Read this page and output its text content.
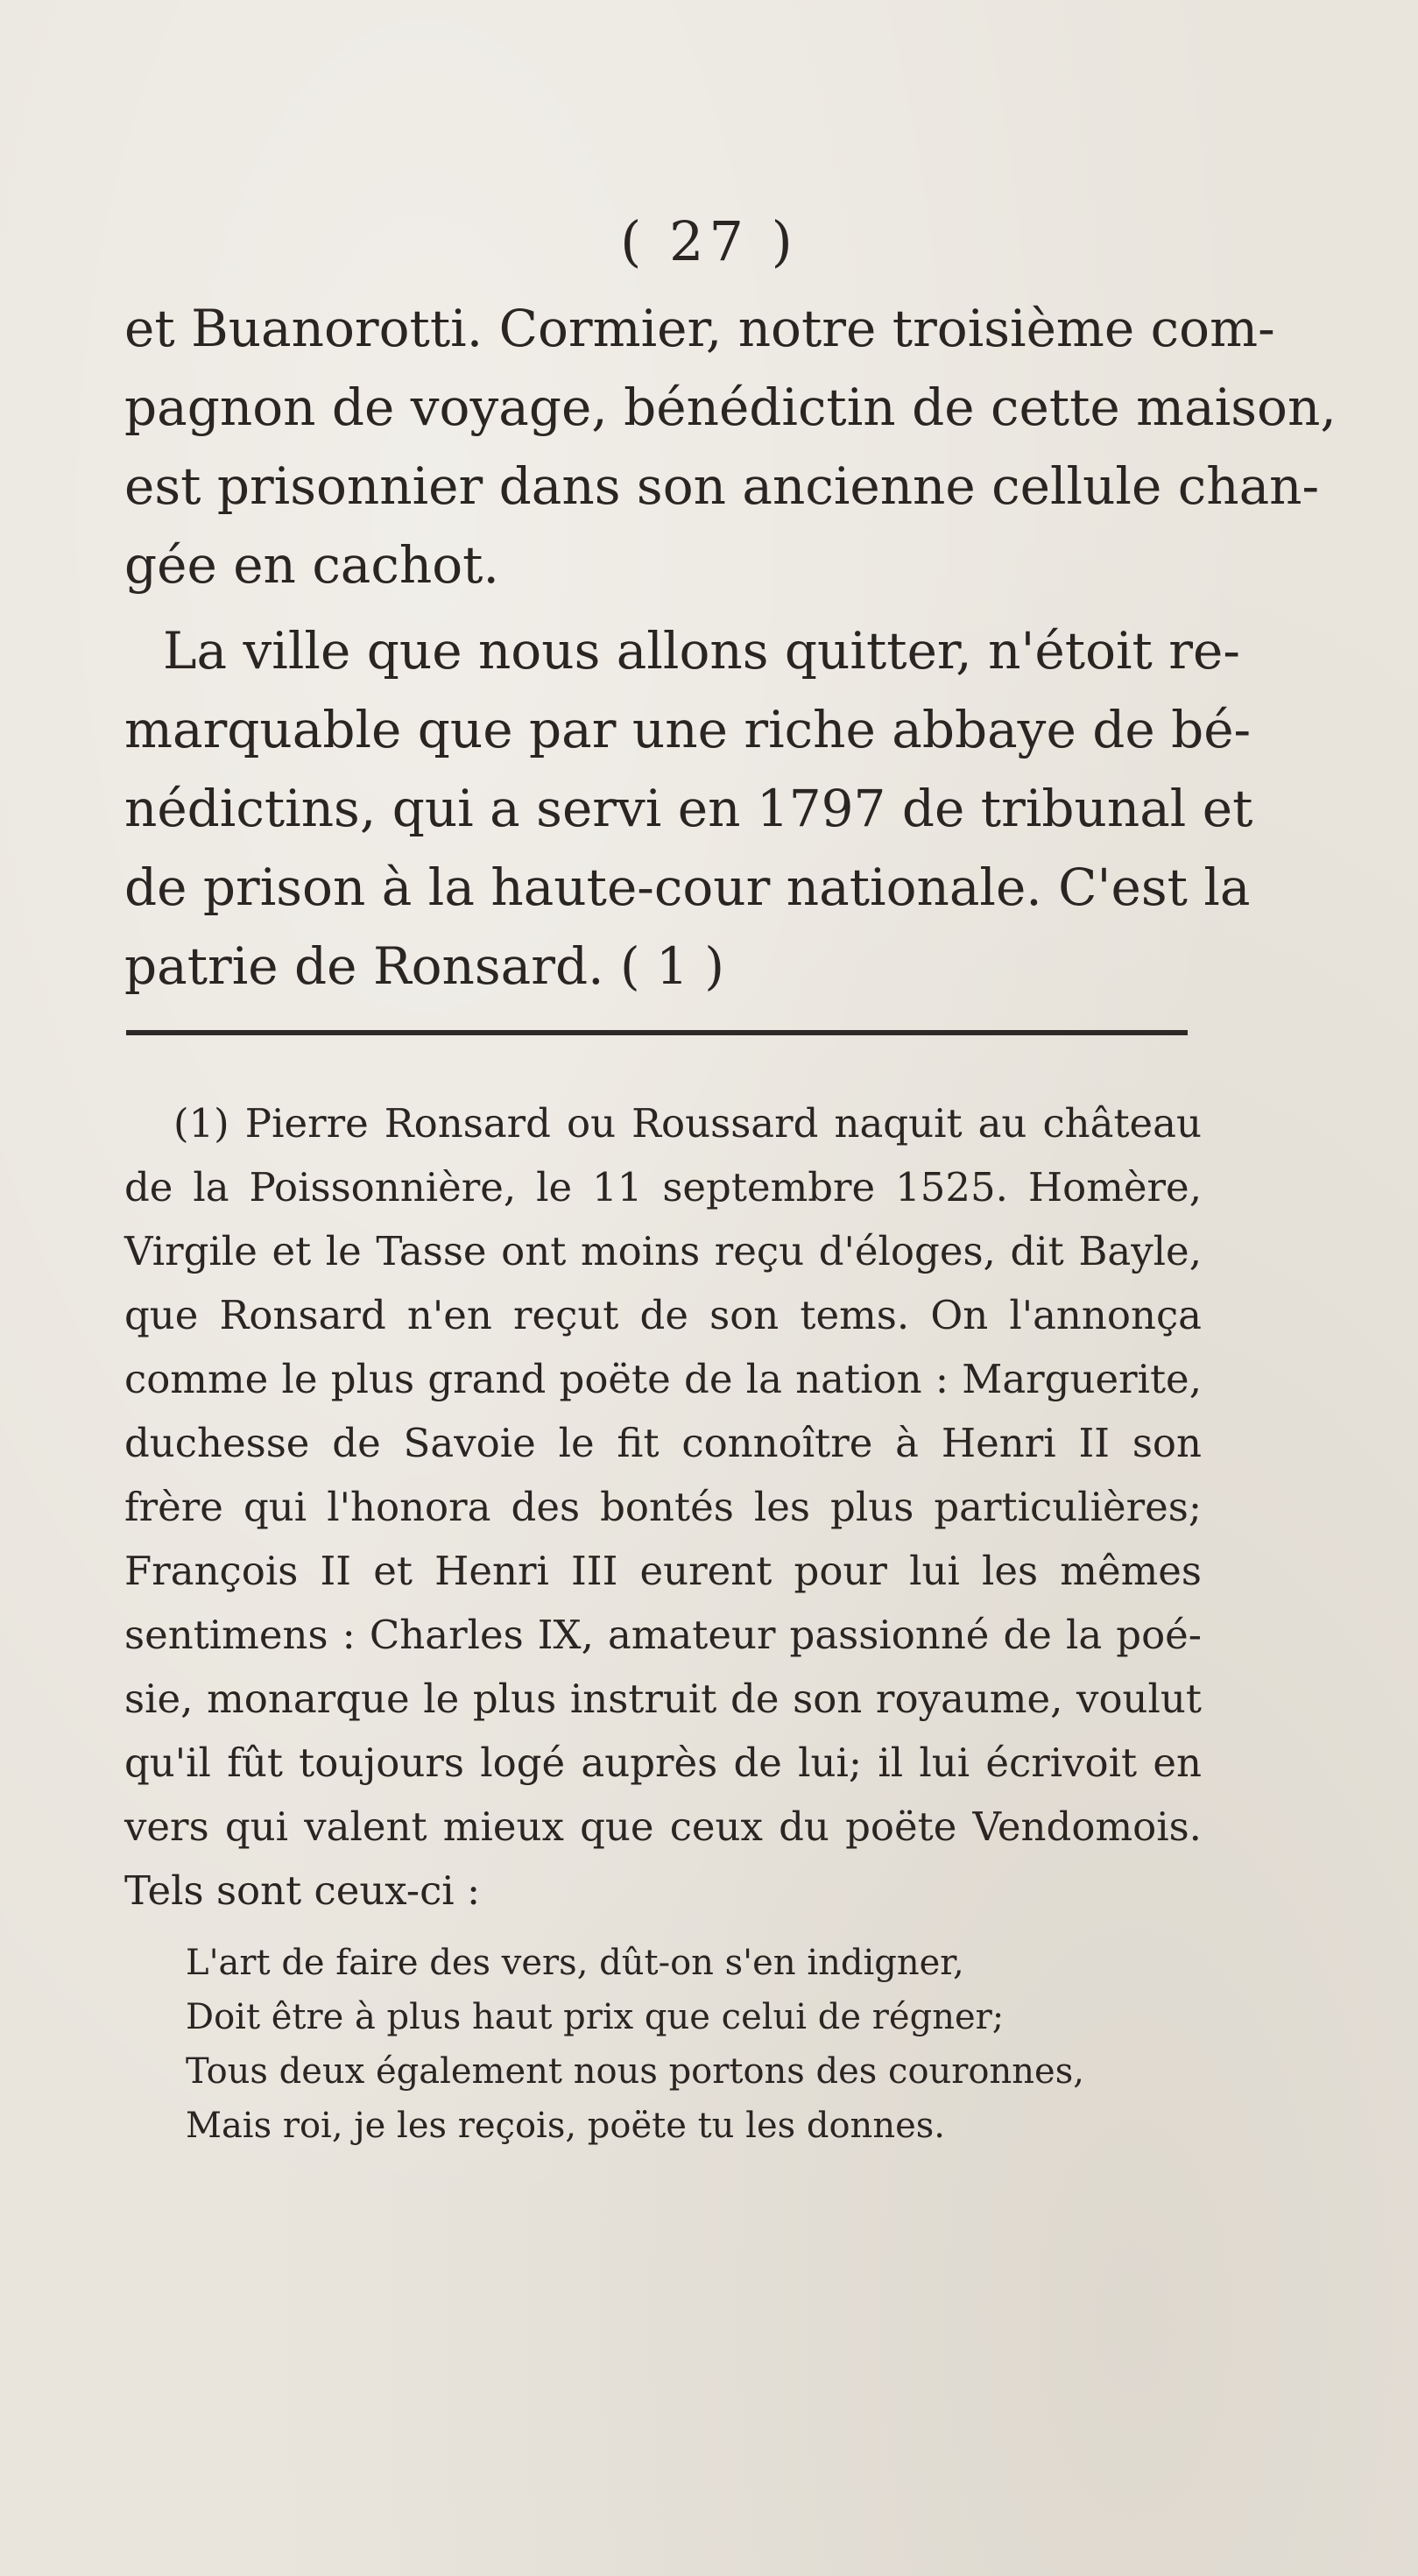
( 27 )
et Buanorotti. Cormier, notre troisième com-
pagnon de voyage, bénédictin de cette maison,
est prisonnier dans son ancienne cellule chan-
gée en cachot.
La ville que nous allons quitter, n'étoit re-
marquable que par une riche abbaye de bé-
nédictins, qui a servi en 1797 de tribunal et
de prison à la haute-cour nationale. C'est la
patrie de Ronsard. ( 1 )
(1) Pierre Ronsard ou Roussard naquit au château
de la Poissonnière, le 11 septembre 1525. Homère,
Virgile et le Tasse ont moins reçu d'éloges, dit Bayle,
que Ronsard n'en reçut de son tems. On l'annonça
comme le plus grand poëte de la nation : Marguerite,
duchesse de Savoie le fit connoître à Henri II son
frère qui l'honora des bontés les plus particulières;
François II et Henri III eurent pour lui les mêmes
sentimens : Charles IX, amateur passionné de la poé-
sie, monarque le plus instruit de son royaume, voulut
qu'il fût toujours logé auprès de lui; il lui écrivoit en
vers qui valent mieux que ceux du poëte Vendomois.
Tels sont ceux-ci :
L'art de faire des vers, dût-on s'en indigner,
Doit être à plus haut prix que celui de régner;
Tous deux également nous portons des couronnes,
Mais roi, je les reçois, poëte tu les donnes.
